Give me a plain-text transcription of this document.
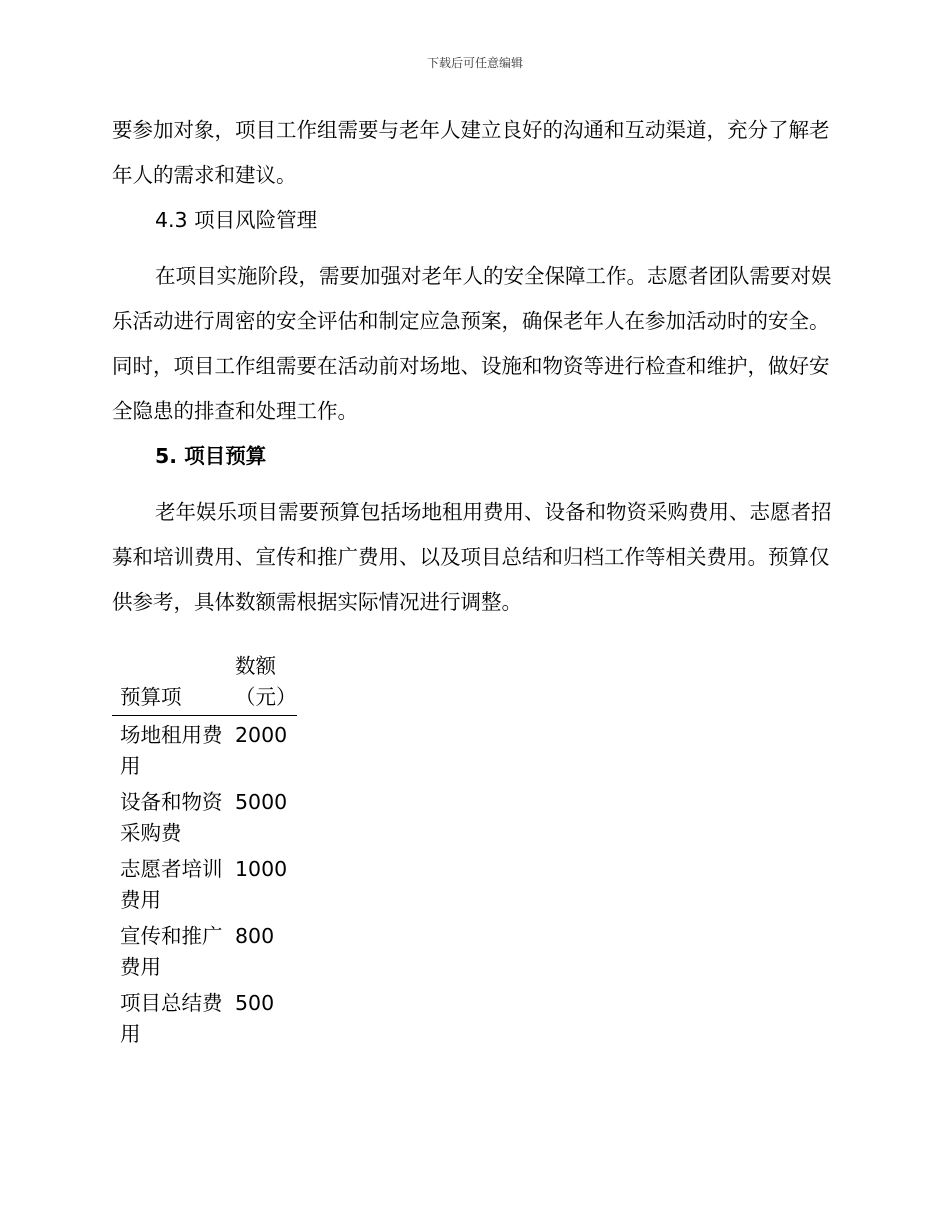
下载后可任意编辑

要参加对象，项目工作组需要与老年人建立良好的沟通和互动渠道，充分了解老年人的需求和建议。

4.3 项目风险管理

在项目实施阶段，需要加强对老年人的安全保障工作。志愿者团队需要对娱乐活动进行周密的安全评估和制定应急预案，确保老年人在参加活动时的安全。同时，项目工作组需要在活动前对场地、设施和物资等进行检查和维护，做好安全隐患的排查和处理工作。

5. 项目预算

老年娱乐项目需要预算包括场地租用费用、设备和物资采购费用、志愿者招募和培训费用、宣传和推广费用、以及项目总结和归档工作等相关费用。预算仅供参考，具体数额需根据实际情况进行调整。

预算项	数额（元）

场地租用费用	2000
设备和物资采购费	5000
志愿者培训费用	1000
宣传和推广费用	800
项目总结费用	500
